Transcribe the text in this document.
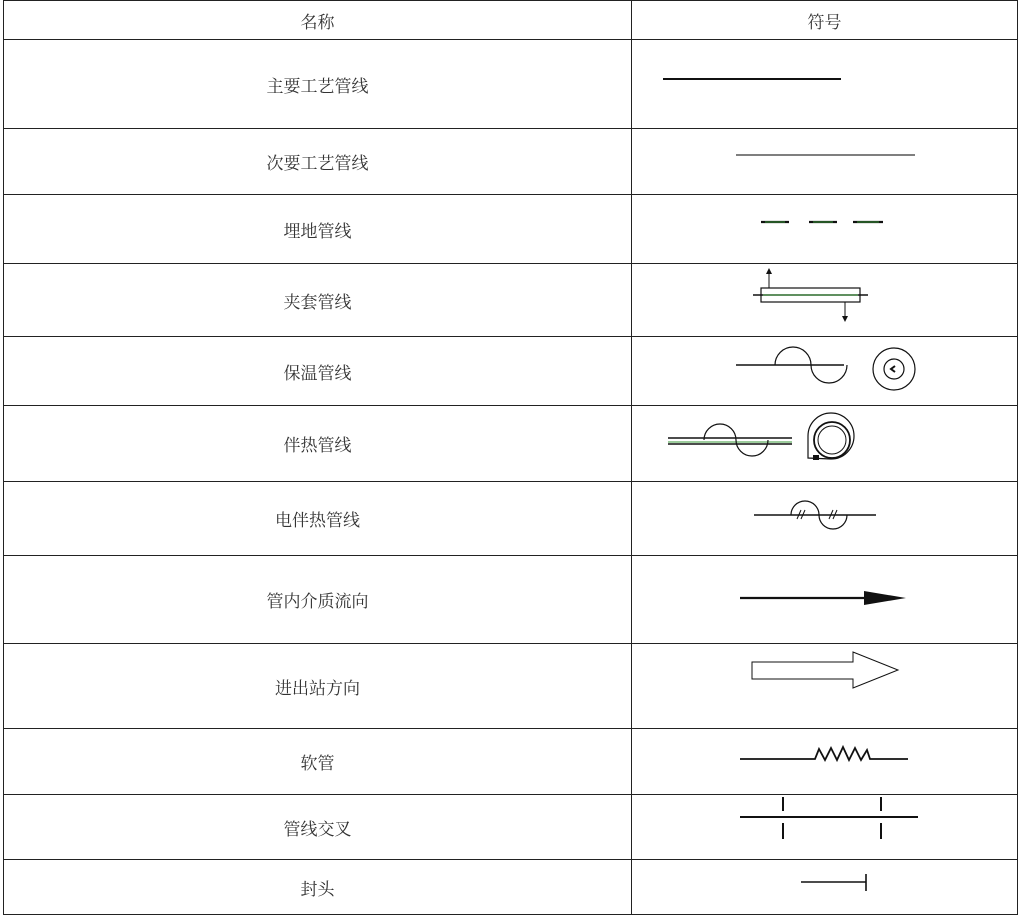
名称	符号
主要工艺管线	

次要工艺管线	

埋地管线	

夹套管线	

保温管线	

伴热管线	

电伴热管线	

管内介质流向	

进出站方向	

软管	

管线交叉	

封头	
